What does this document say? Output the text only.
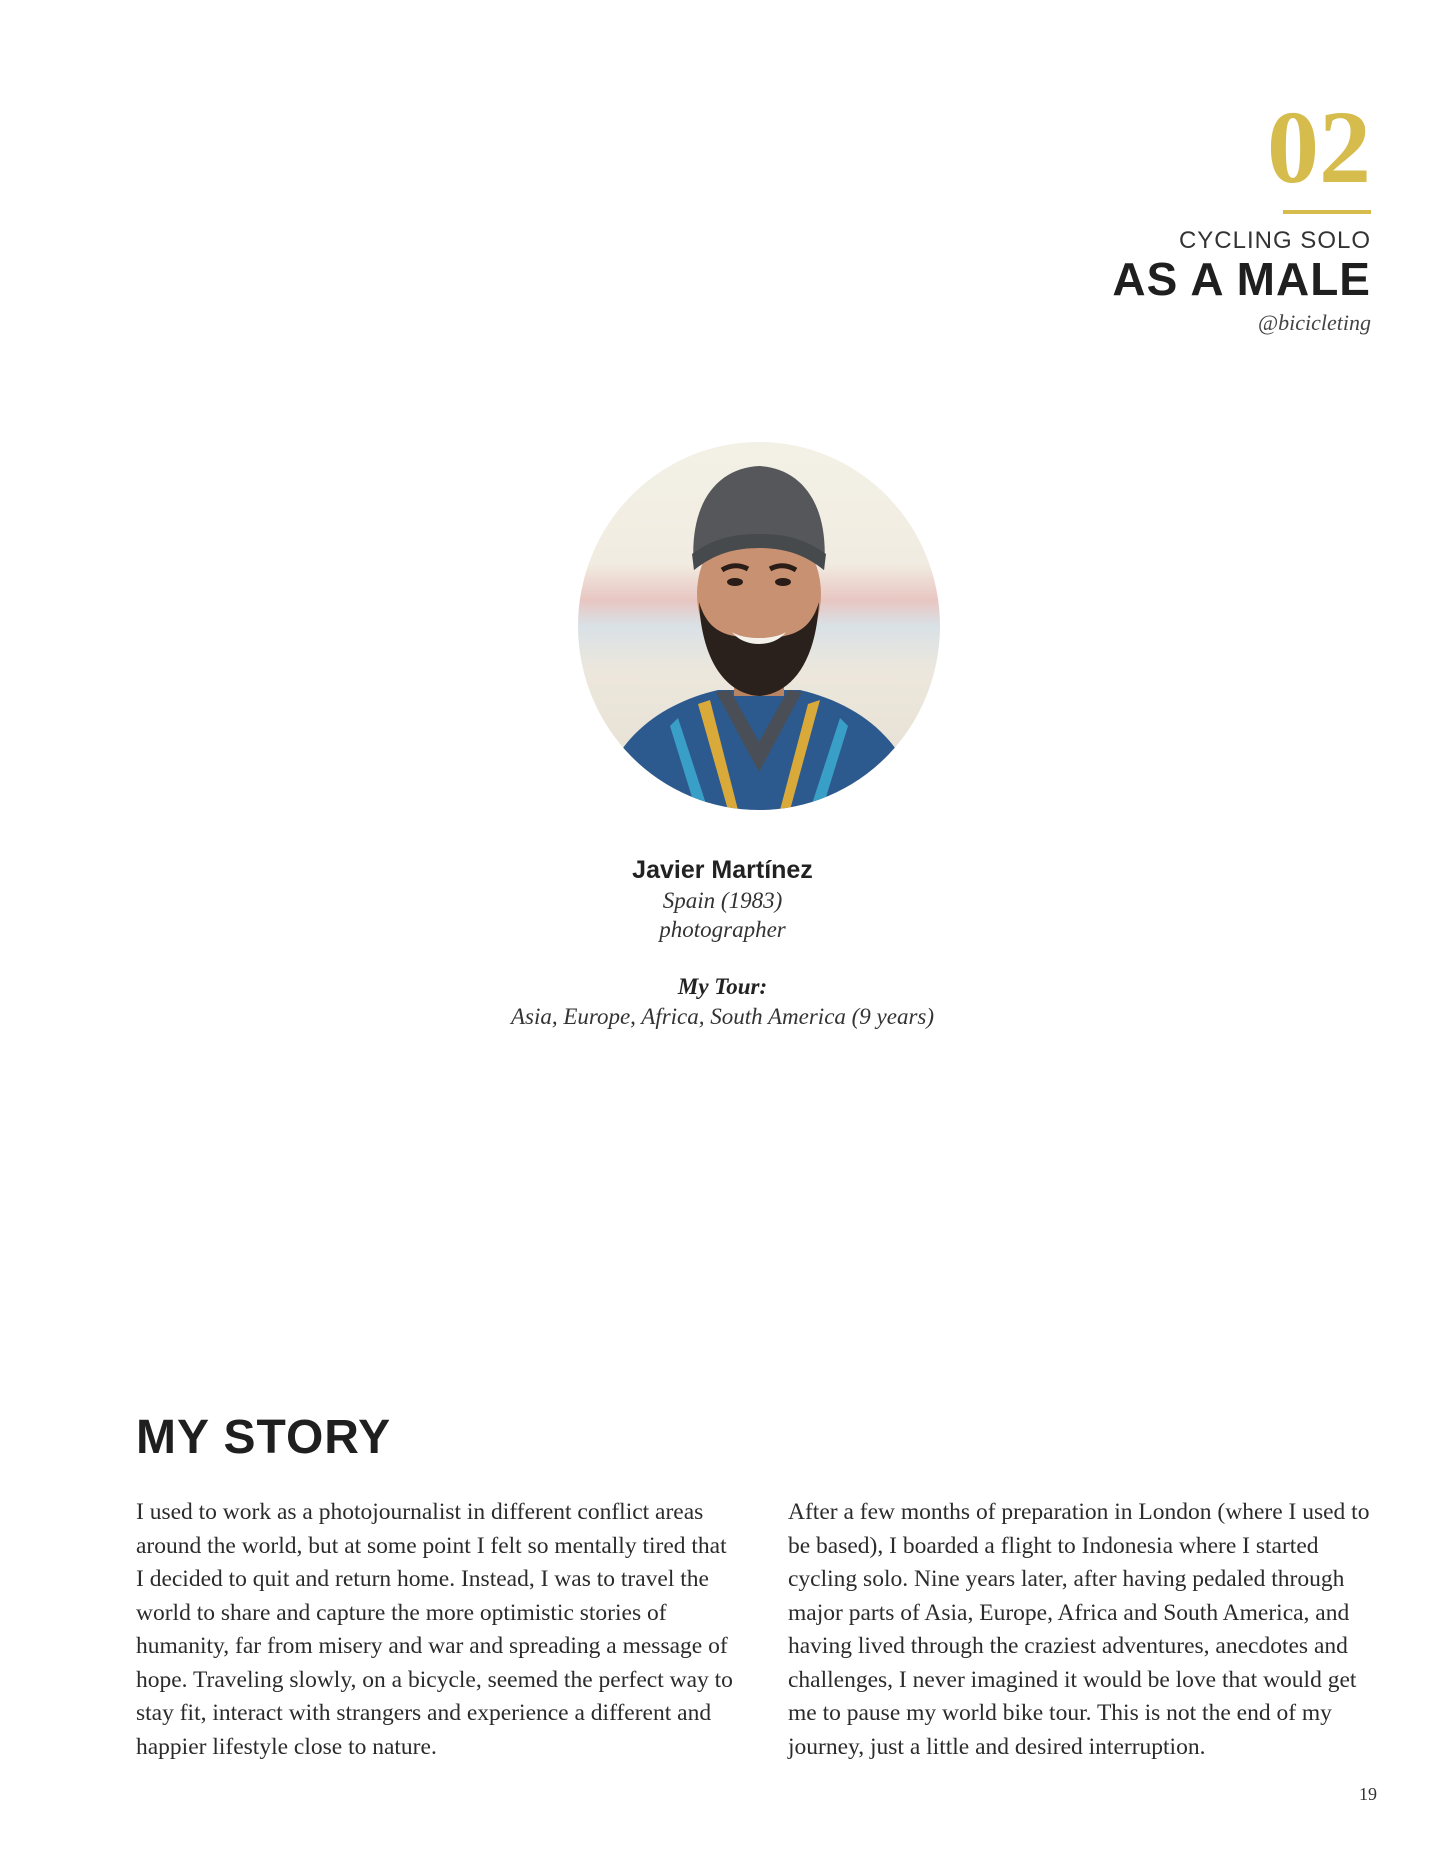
02
CYCLING SOLO
AS A MALE
@bicicleting
Javier Martínez
Spain (1983)
photographer
My Tour:
Asia, Europe, Africa, South America (9 years)
MY STORY
I used to work as a photojournalist in different conflict areas around the world, but at some point I felt so mentally tired that I decided to quit and return home. Instead, I was to travel the world to share and capture the more optimistic stories of humanity, far from misery and war and spreading a message of hope. Traveling slowly, on a bicycle, seemed the perfect way to stay fit, interact with strangers and experience a different and happier lifestyle close to nature.
After a few months of preparation in London (where I used to be based), I boarded a flight to Indonesia where I started cycling solo. Nine years later, after having pedaled through major parts of Asia, Europe, Africa and South America, and having lived through the craziest adventures, anecdotes and challenges, I never imagined it would be love that would get me to pause my world bike tour. This is not the end of my journey, just a little and desired interruption.
19
